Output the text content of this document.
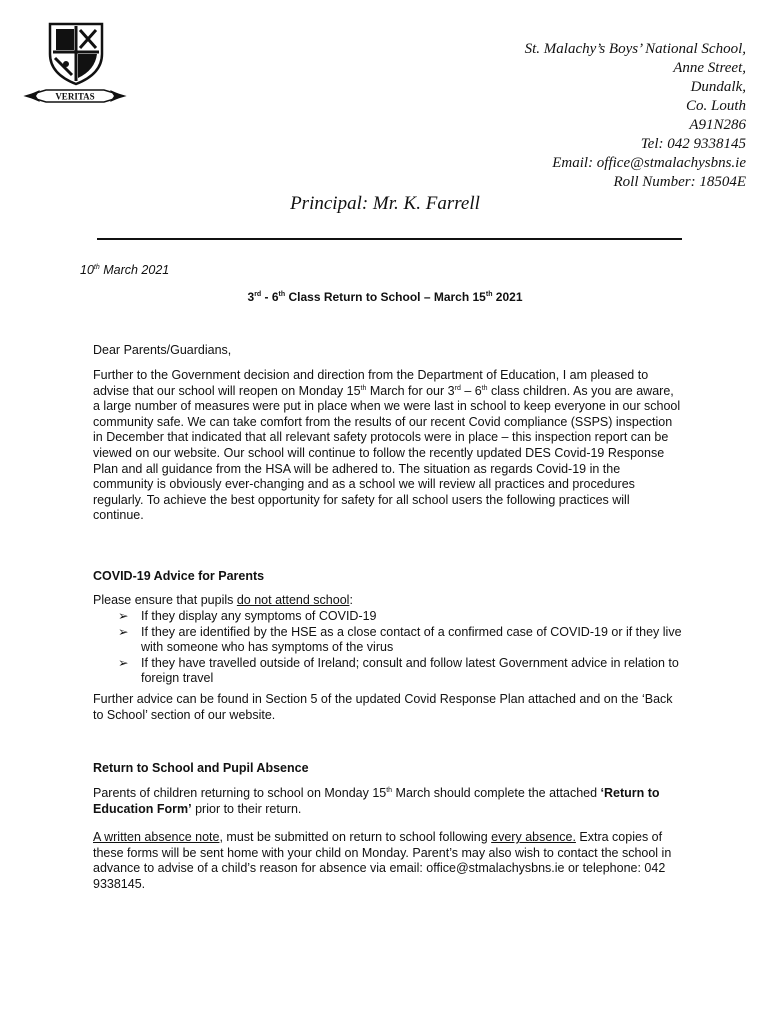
VERITAS
St. Malachy’s Boys’ National School,
Anne Street,
Dundalk,
Co. Louth
A91N286
Tel: 042 9338145
Email: office@stmalachysbns.ie
Roll Number: 18504E
Principal: Mr. K. Farrell
10th March 2021
3rd - 6th Class Return to School – March 15th 2021
Dear Parents/Guardians,
Further to the Government decision and direction from the Department of Education, I am pleased to advise that our school will reopen on Monday 15th March for our 3rd – 6th class children. As you are aware, a large number of measures were put in place when we were last in school to keep everyone in our school community safe. We can take comfort from the results of our recent Covid compliance (SSPS) inspection in December that indicated that all relevant safety protocols were in place – this inspection report can be viewed on our website. Our school will continue to follow the recently updated DES Covid-19 Response Plan and all guidance from the HSA will be adhered to. The situation as regards Covid-19 in the community is obviously ever-changing and as a school we will review all practices and procedures regularly. To achieve the best opportunity for safety for all school users the following practices will continue.
COVID-19 Advice for Parents
Please ensure that pupils do not attend school:
➢ If they display any symptoms of COVID-19
➢ If they are identified by the HSE as a close contact of a confirmed case of COVID-19 or if they live with someone who has symptoms of the virus
➢ If they have travelled outside of Ireland; consult and follow latest Government advice in relation to foreign travel
Further advice can be found in Section 5 of the updated Covid Response Plan attached and on the ‘Back to School’ section of our website.
Return to School and Pupil Absence
Parents of children returning to school on Monday 15th March should complete the attached ‘Return to Education Form’ prior to their return.
A written absence note, must be submitted on return to school following every absence. Extra copies of these forms will be sent home with your child on Monday. Parent’s may also wish to contact the school in advance to advise of a child’s reason for absence via email: office@stmalachysbns.ie or telephone: 042 9338145.
